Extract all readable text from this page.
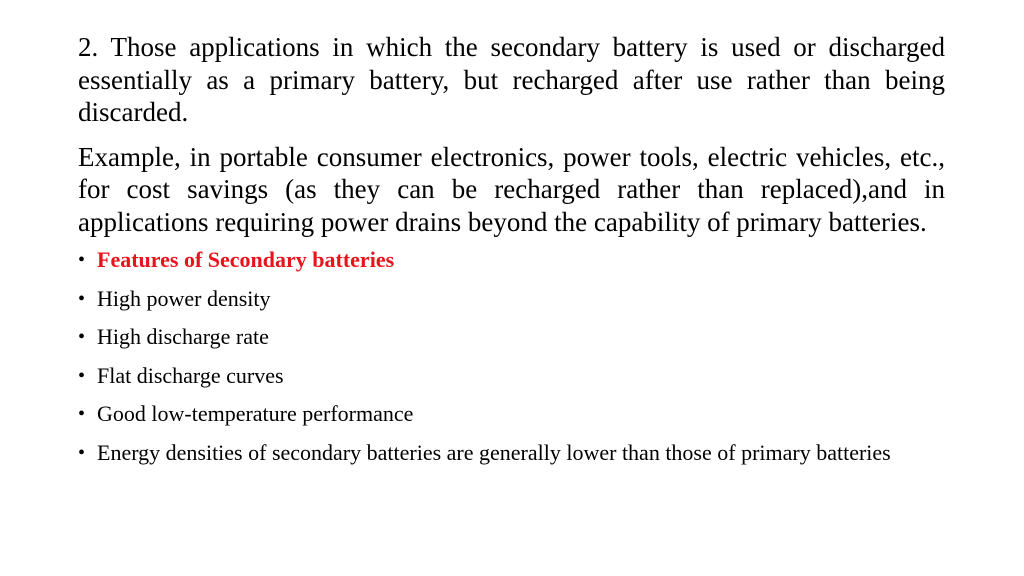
2. Those applications in which the secondary battery is used or discharged essentially as a primary battery, but recharged after use rather than being discarded.

Example, in portable consumer electronics, power tools, electric vehicles, etc., for cost savings (as they can be recharged rather than replaced),and in applications requiring power drains beyond the capability of primary batteries.

• Features of Secondary batteries
• High power density
• High discharge rate
• Flat discharge curves
• Good low-temperature performance
• Energy densities of secondary batteries are generally lower than those of primary batteries
